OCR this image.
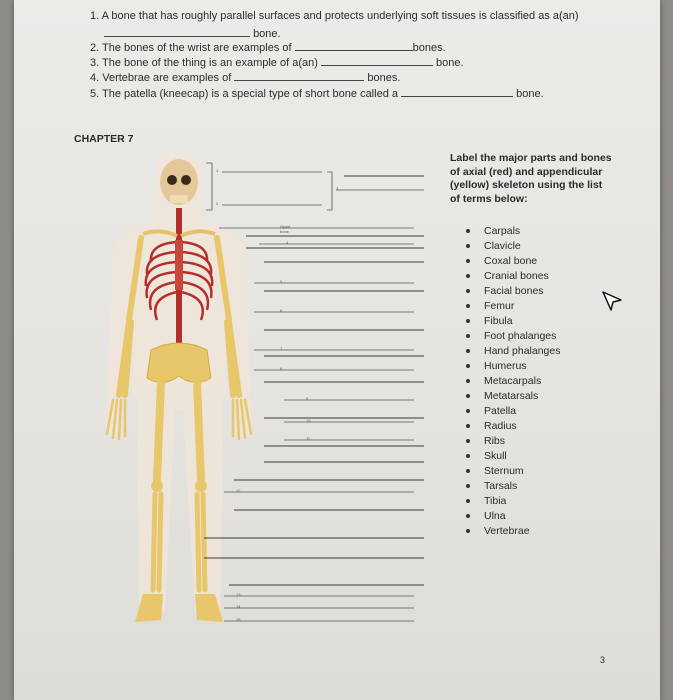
1. A bone that has roughly parallel surfaces and protects underlying soft tissues is classified as a(an)
bone.
2. The bones of the wrist are examples of	bones.
3. The bone of the thing is an example of a(an)	bone.
4. Vertebrae are examples of	bones.
5. The patella (kneecap) is a special type of short bone called a	bone.
CHAPTER 7
Hyoid bone
1
2
3
4
5
6
7
8
9
10
11
12
13
14
15
Label the major parts and bones of axial (red) and appendicular (yellow) skeleton using the list of terms below:
Carpals
Clavicle
Coxal bone
Cranial bones
Facial bones
Femur
Fibula
Foot phalanges
Hand phalanges
Humerus
Metacarpals
Metatarsals
Patella
Radius
Ribs
Skull
Sternum
Tarsals
Tibia
Ulna
Vertebrae
3
